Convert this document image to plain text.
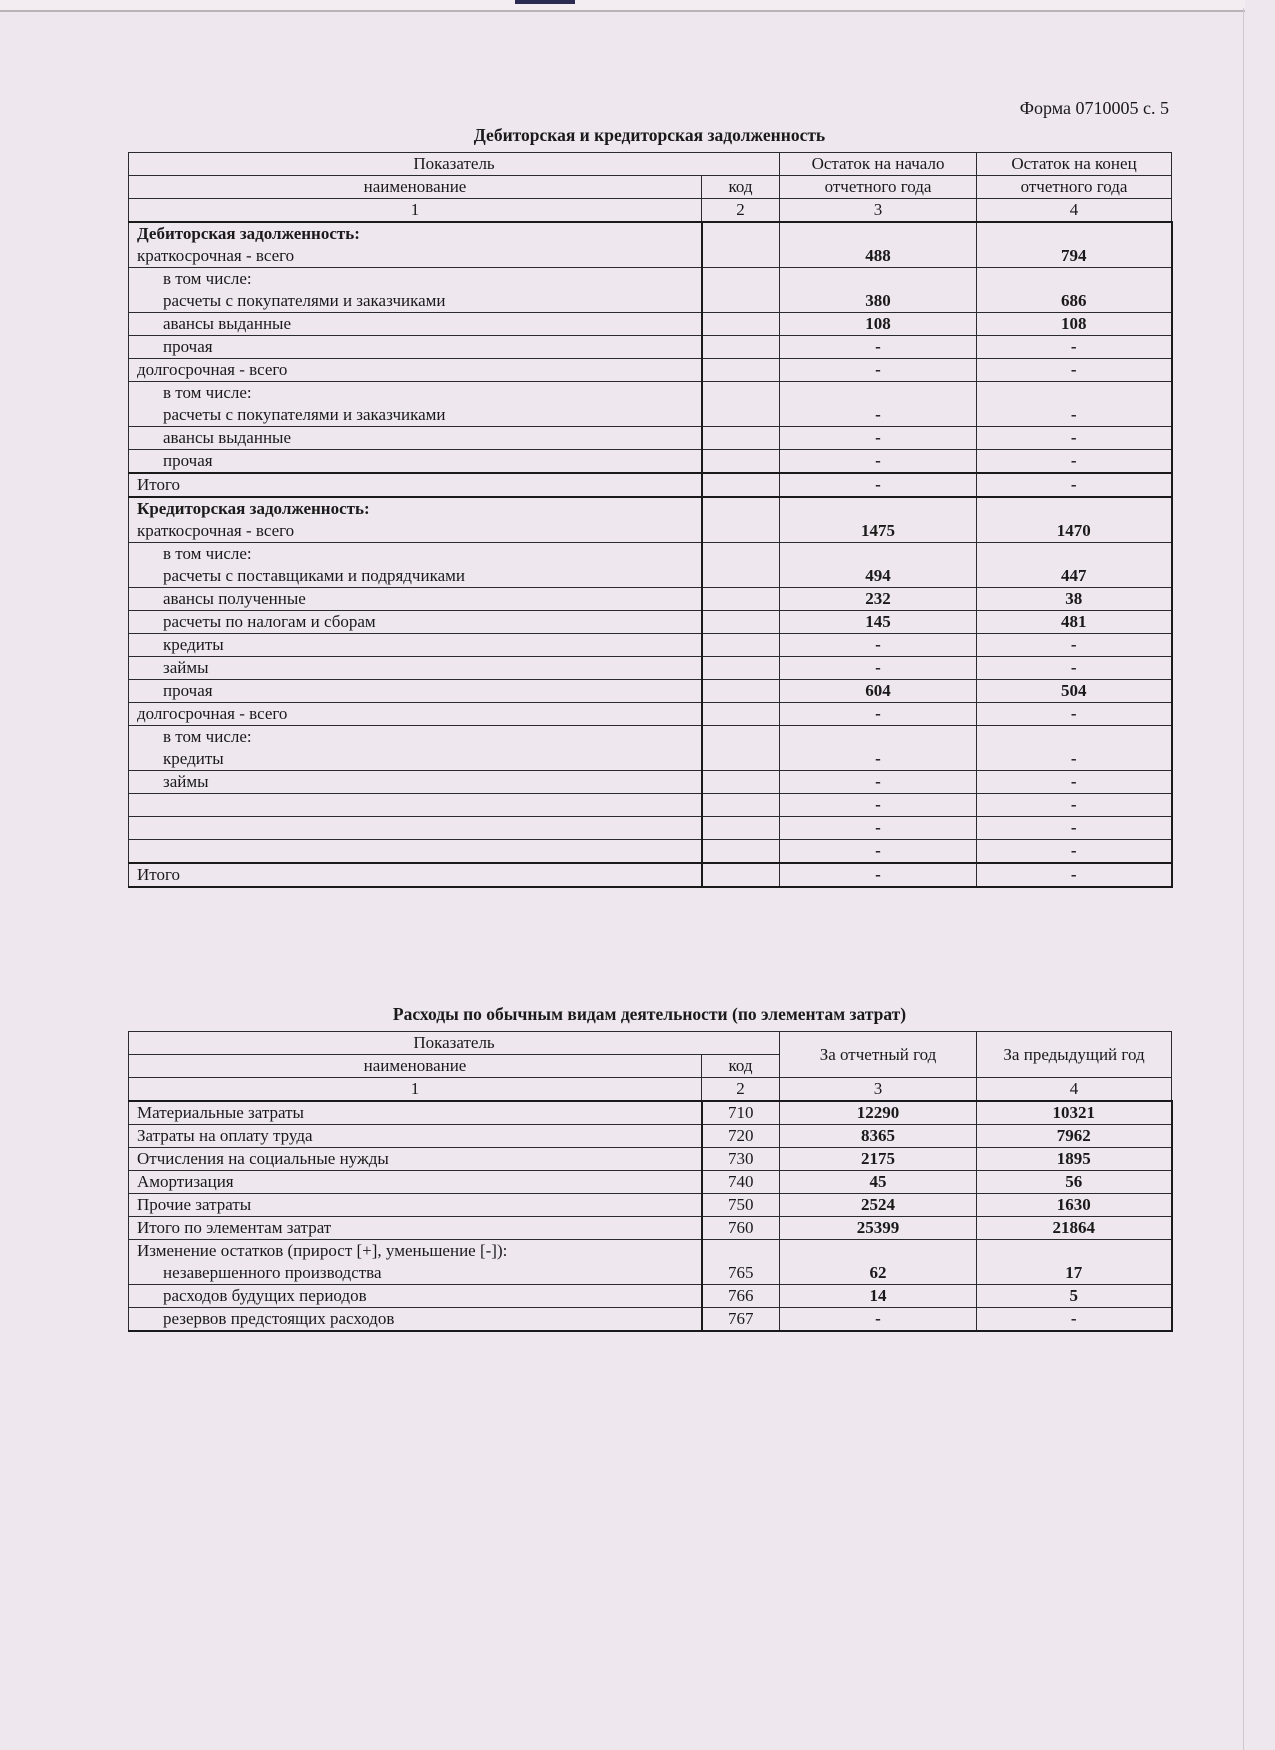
Форма 0710005 с. 5
Дебиторская и кредиторская задолженность
Показатель		Остаток на начало	Остаток на конец
наименование	код	отчетного года	отчетного года
1	2	3	4

Дебиторская задолженность:
краткосрочная - всего		488	794

в том числе:
расчеты с покупателями и заказчиками		380	686
авансы выданные		108	108
прочая		-	-
долгосрочная - всего		-	-

в том числе:
расчеты с покупателями и заказчиками		-	-
авансы выданные		-	-
прочая		-	-
Итого		-	-

Кредиторская задолженность:
краткосрочная - всего		1475	1470

в том числе:
расчеты с поставщиками и подрядчиками		494	447
авансы полученные		232	38
расчеты по налогам и сборам		145	481
кредиты		-	-
займы		-	-
прочая		604	504
долгосрочная - всего		-	-

в том числе:
кредиты		-	-
займы		-	-
		-	-
		-	-
		-	-
Итого		-	-
Расходы по обычным видам деятельности (по элементам затрат)
Показатель		За отчетный год	За предыдущий год
наименование	код		
1	2	3	4
Материальные затраты	710	12290	10321
Затраты на оплату труда	720	8365	7962
Отчисления на социальные нужды	730	2175	1895
Амортизация	740	45	56
Прочие затраты	750	2524	1630
Итого по элементам затрат	760	25399	21864

Изменение остатков (прирост [+], уменьшение [-]):
незавершенного производства	765	62	17
расходов будущих периодов	766	14	5
резервов предстоящих расходов	767	-	-
